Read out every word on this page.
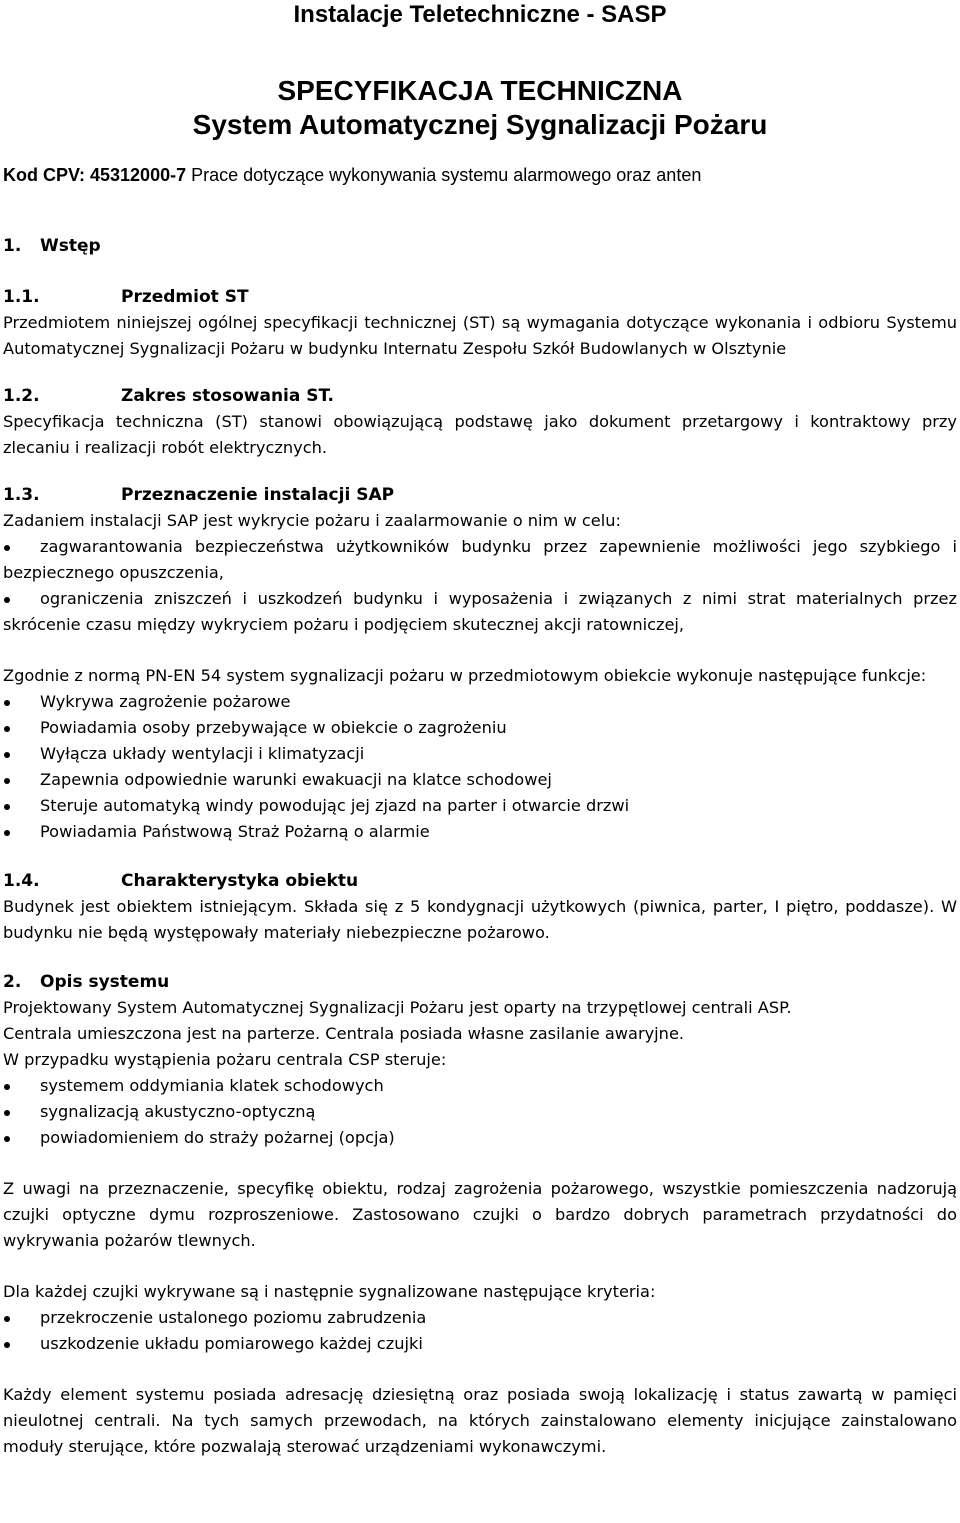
Instalacje Teletechniczne - SASP
SPECYFIKACJA TECHNICZNA
System Automatycznej Sygnalizacji Pożaru
Kod CPV: 45312000-7 Prace dotyczące wykonywania systemu alarmowego oraz anten
1.	Wstęp
1.1.	Przedmiot ST

Przedmiotem niniejszej ogólnej specyfikacji technicznej (ST) są wymagania dotyczące wykonania i odbioru Systemu Automatycznej Sygnalizacji Pożaru w budynku Internatu Zespołu Szkół Budowlanych w Olsztynie

1.2.	Zakres stosowania ST.

Specyfikacja techniczna (ST) stanowi obowiązującą podstawę jako dokument przetargowy i kontraktowy przy zlecaniu i realizacji robót elektrycznych.

1.3.	Przeznaczenie instalacji SAP

Zadaniem instalacji SAP jest wykrycie pożaru i zaalarmowanie o nim w celu:

zagwarantowania bezpieczeństwa użytkowników budynku przez zapewnienie możliwości jego szybkiego i bezpiecznego opuszczenia,
ograniczenia zniszczeń i uszkodzeń budynku i wyposażenia i związanych z nimi strat materialnych przez skrócenie czasu między wykryciem pożaru i podjęciem skutecznej akcji ratowniczej,

Zgodnie z normą PN-EN 54 system sygnalizacji pożaru w przedmiotowym obiekcie wykonuje następujące funkcje:

Wykrywa zagrożenie pożarowe
Powiadamia osoby przebywające w obiekcie o zagrożeniu
Wyłącza układy wentylacji i klimatyzacji
Zapewnia odpowiednie warunki ewakuacji na klatce schodowej
Steruje automatyką windy powodując jej zjazd na parter i otwarcie drzwi
Powiadamia Państwową Straż Pożarną o alarmie
1.4.	Charakterystyka obiektu

Budynek jest obiektem istniejącym. Składa się z 5 kondygnacji użytkowych (piwnica, parter, I piętro, poddasze). W budynku nie będą występowały materiały niebezpieczne pożarowo.

2.	Opis systemu

Projektowany System Automatycznej Sygnalizacji Pożaru jest oparty na trzypętlowej centrali ASP.

Centrala umieszczona jest na parterze. Centrala posiada własne zasilanie awaryjne.

W przypadku wystąpienia pożaru centrala CSP steruje:

systemem oddymiania klatek schodowych
sygnalizacją akustyczno-optyczną
powiadomieniem do straży pożarnej (opcja)

Z uwagi na przeznaczenie, specyfikę obiektu, rodzaj zagrożenia pożarowego, wszystkie pomieszczenia nadzorują czujki optyczne dymu rozproszeniowe. Zastosowano czujki o bardzo dobrych parametrach przydatności do wykrywania pożarów tlewnych.

Dla każdej czujki wykrywane są i następnie sygnalizowane następujące kryteria:

przekroczenie ustalonego poziomu zabrudzenia
uszkodzenie układu pomiarowego każdej czujki

Każdy element systemu posiada adresację dziesiętną oraz posiada swoją lokalizację i status zawartą w pamięci nieulotnej centrali. Na tych samych przewodach, na których zainstalowano elementy inicjujące zainstalowano moduły sterujące, które pozwalają sterować urządzeniami wykonawczymi.
